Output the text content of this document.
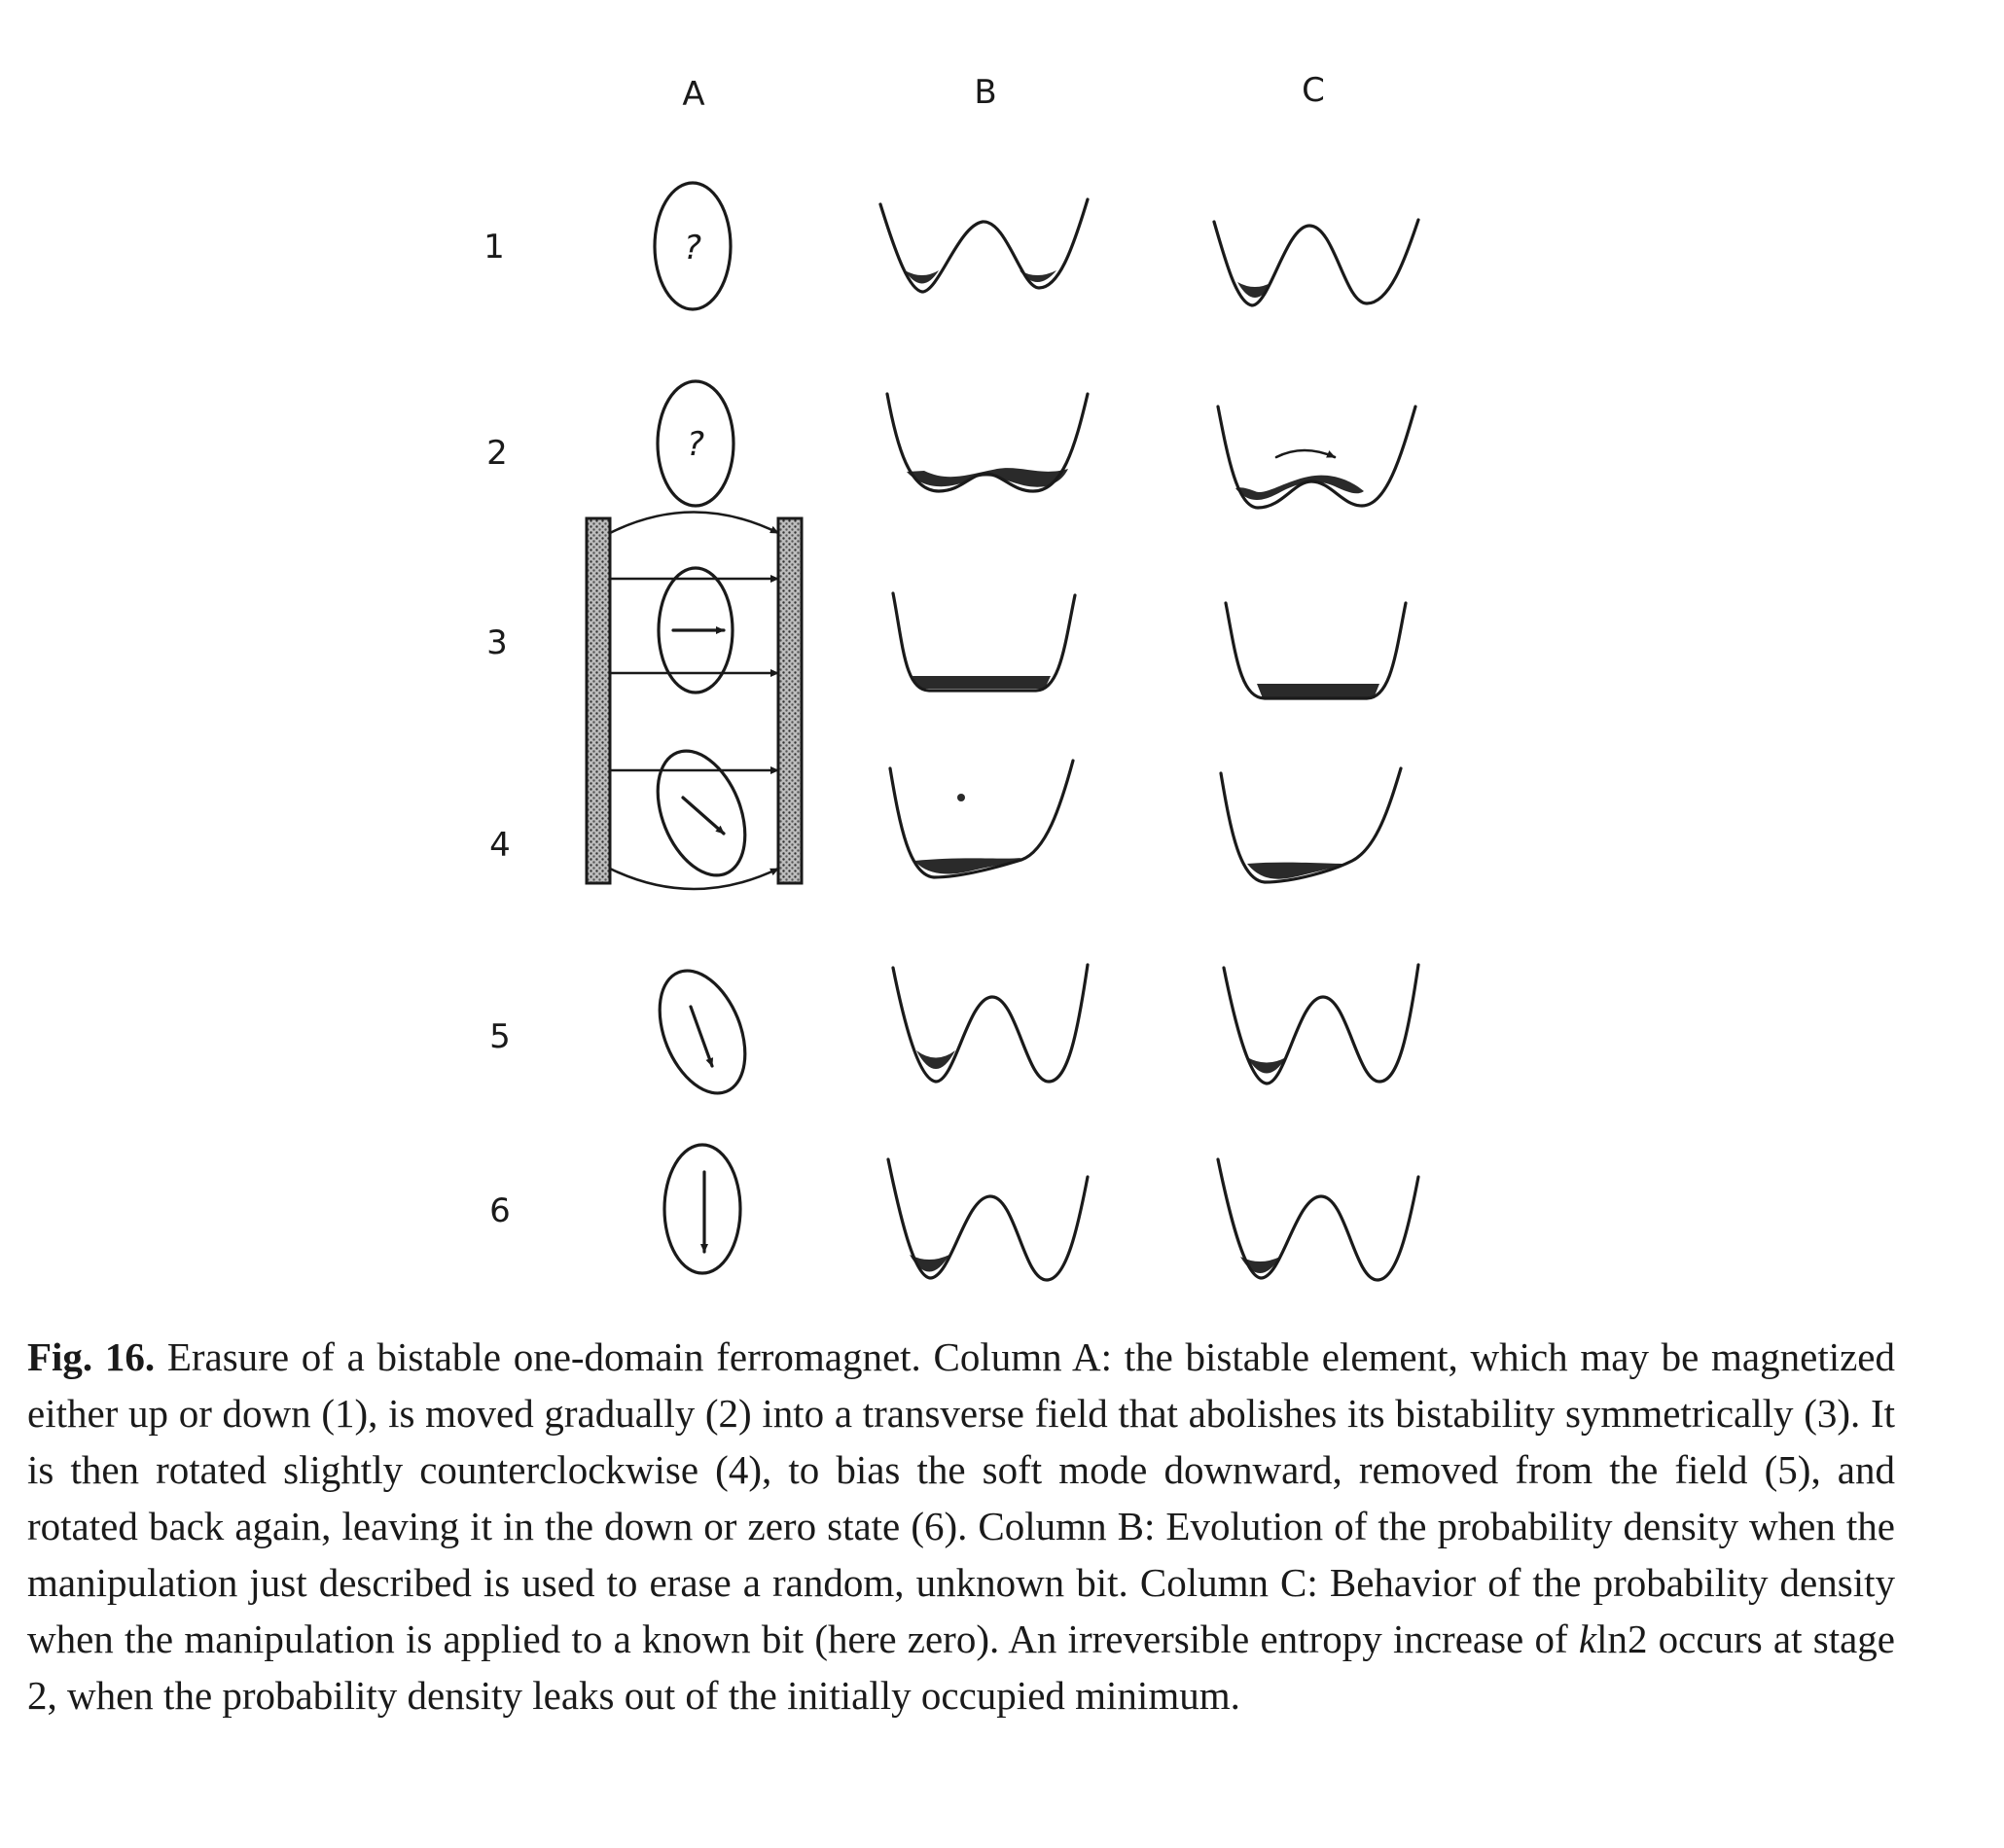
A	B	C
1
2
3
4
5
6
?
?

Fig. 16. Erasure of a bistable one-domain ferromagnet. Column A: the bistable element, which may be magnetized either up or down (1), is moved gradually (2) into a transverse field that abolishes its bistability symmetrically (3). It is then rotated slightly counterclockwise (4), to bias the soft mode downward, removed from the field (5), and rotated back again, leaving it in the down or zero state (6). Column B: Evolution of the probability density when the manipulation just described is used to erase a random, unknown bit. Column C: Behavior of the probability density when the manipulation is applied to a known bit (here zero). An irreversible entropy increase of kln2 occurs at stage 2, when the probability density leaks out of the initially occupied minimum.
